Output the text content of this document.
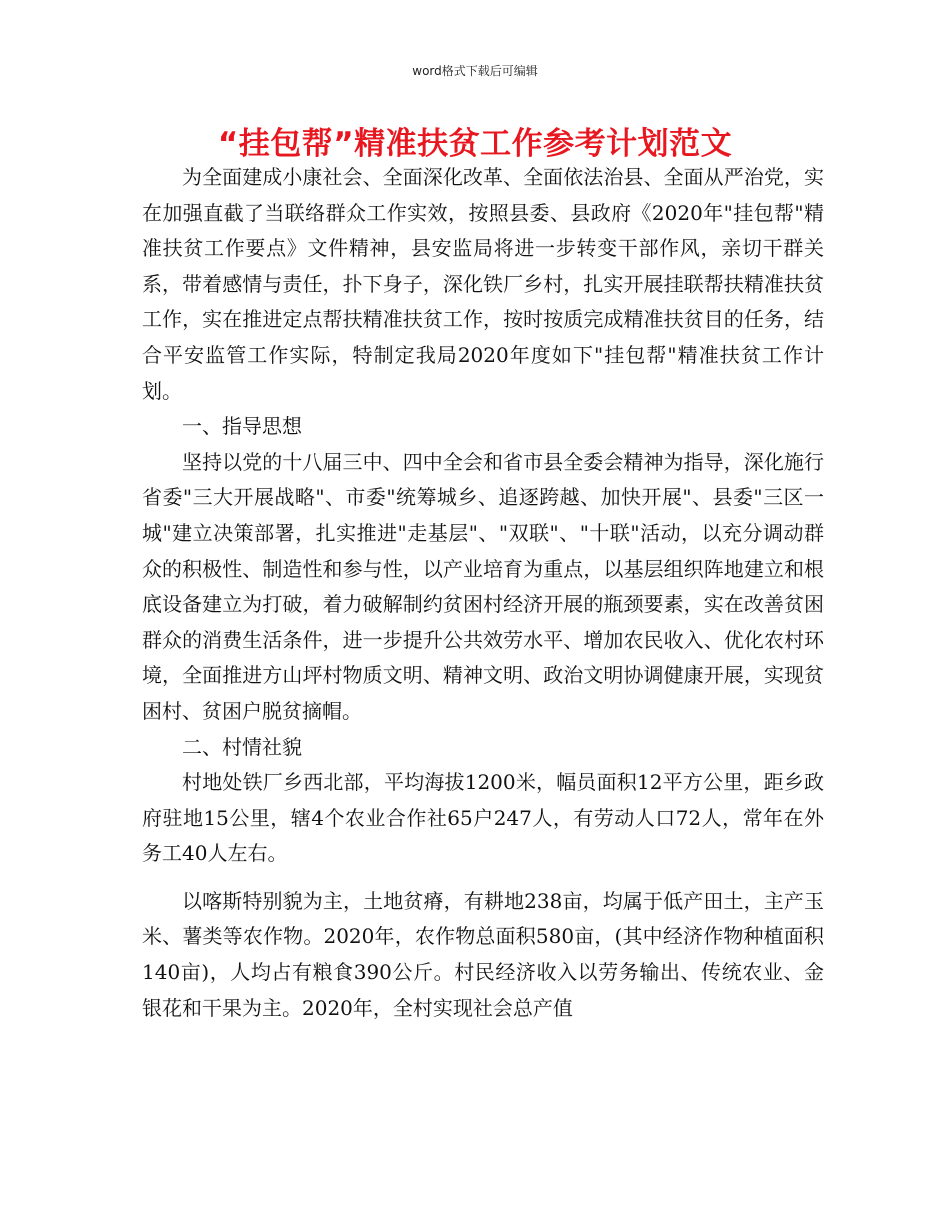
word格式下载后可编辑
“挂包帮”精准扶贫工作参考计划范文

为全面建成小康社会、全面深化改革、全面依法治县、全面从严治党，实在加强直截了当联络群众工作实效，按照县委、县政府《2020年"挂包帮"精准扶贫工作要点》文件精神，县安监局将进一步转变干部作风，亲切干群关系，带着感情与责任，扑下身子，深化铁厂乡村，扎实开展挂联帮扶精准扶贫工作，实在推进定点帮扶精准扶贫工作，按时按质完成精准扶贫目的任务，结合平安监管工作实际，特制定我局2020年度如下"挂包帮"精准扶贫工作计划。

一、指导思想

坚持以党的十八届三中、四中全会和省市县全委会精神为指导，深化施行省委"三大开展战略"、市委"统筹城乡、追逐跨越、加快开展"、县委"三区一城"建立决策部署，扎实推进"走基层"、"双联"、"十联"活动，以充分调动群众的积极性、制造性和参与性，以产业培育为重点，以基层组织阵地建立和根底设备建立为打破，着力破解制约贫困村经济开展的瓶颈要素，实在改善贫困群众的消费生活条件，进一步提升公共效劳水平、增加农民收入、优化农村环境，全面推进方山坪村物质文明、精神文明、政治文明协调健康开展，实现贫困村、贫困户脱贫摘帽。

二、村情社貌

村地处铁厂乡西北部，平均海拔1200米，幅员面积12平方公里，距乡政府驻地15公里，辖4个农业合作社65户247人，有劳动人口72人，常年在外务工40人左右。

以喀斯特别貌为主，土地贫瘠，有耕地238亩，均属于低产田土，主产玉米、薯类等农作物。2020年，农作物总面积580亩，(其中经济作物种植面积140亩)，人均占有粮食390公斤。村民经济收入以劳务输出、传统农业、金银花和干果为主。2020年，全村实现社会总产值
